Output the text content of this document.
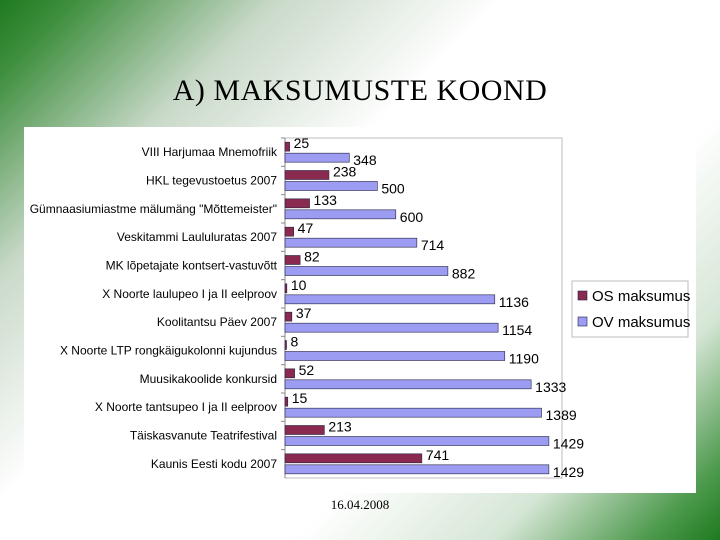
A) MAKSUMUSTE KOOND
VIII Harjumaa Mnemofriik
25
348
HKL tegevustoetus 2007
238
500
Gümnaasiumiastme mälumäng "Mõttemeister"
133
600
Veskitammi Laululuratas 2007
47
714
MK lõpetajate kontsert-vastuvõtt
82
882
X Noorte laulupeo I ja II eelproov
10
1136
Koolitantsu Päev 2007
37
1154
X Noorte LTP rongkäigukolonni kujundus
8
1190
Muusikakoolide konkursid
52
1333
X Noorte tantsupeo I ja II eelproov
15
1389
Täiskasvanute Teatrifestival
213
1429
Kaunis Eesti kodu 2007
741
1429
OS maksumus
OV maksumus
16.04.2008
